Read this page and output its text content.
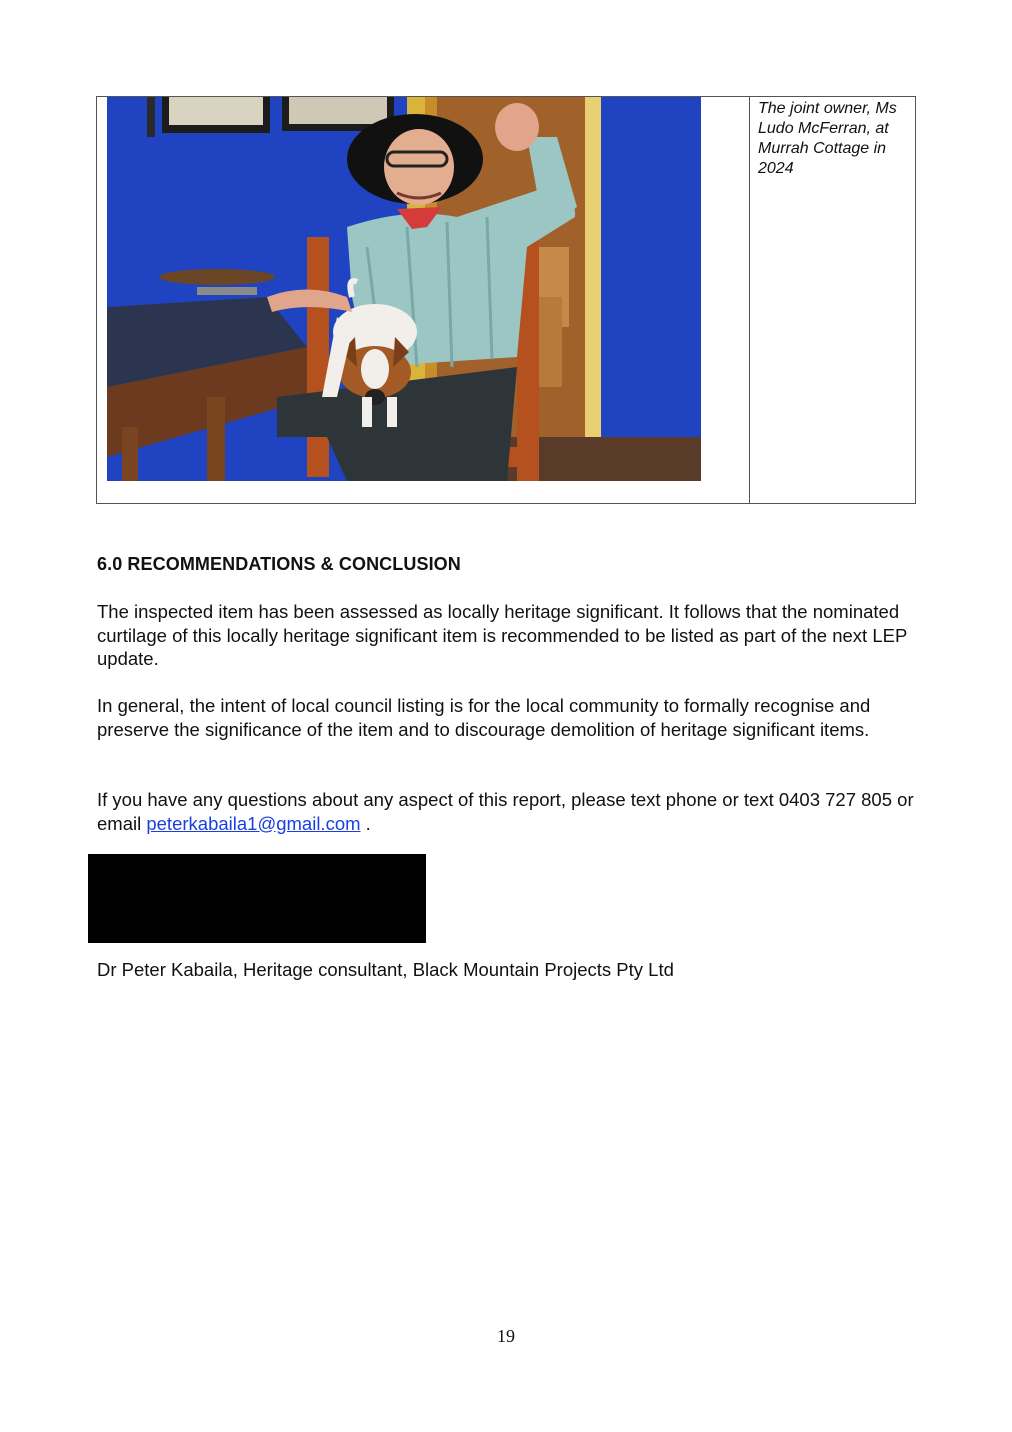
The joint owner, Ms Ludo McFerran, at Murrah Cottage in 2024
6.0 RECOMMENDATIONS & CONCLUSION

The inspected item has been assessed as locally heritage significant. It follows that the nominated curtilage of this locally heritage significant item is recommended to be listed as part of the next LEP update.

In general, the intent of local council listing is for the local community to formally recognise and preserve the significance of the item and to discourage demolition of heritage significant items.

If you have any questions about any aspect of this report, please text phone or text 0403 727 805 or email peterkabaila1@gmail.com .

Dr Peter Kabaila, Heritage consultant, Black Mountain Projects Pty Ltd
19
